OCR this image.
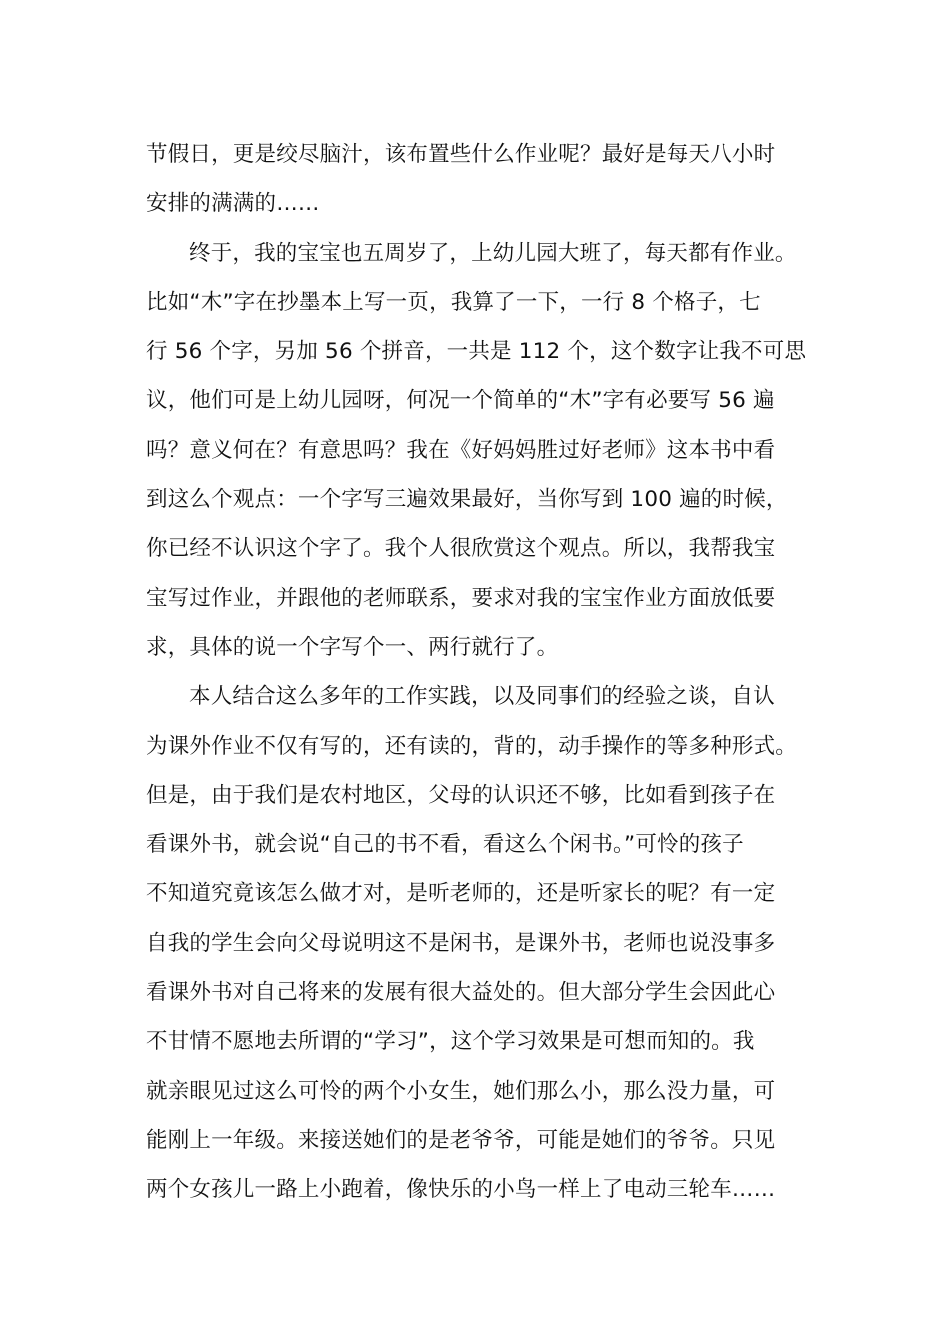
节假日，更是绞尽脑汁，该布置些什么作业呢？最好是每天八小时
安排的满满的……

终于，我的宝宝也五周岁了，上幼儿园大班了，每天都有作业。
比如“木”字在抄墨本上写一页，我算了一下，一行 8 个格子，七
行 56 个字，另加 56 个拼音，一共是 112 个，这个数字让我不可思
议，他们可是上幼儿园呀，何况一个简单的“木”字有必要写 56 遍
吗？意义何在？有意思吗？我在《好妈妈胜过好老师》这本书中看
到这么个观点：一个字写三遍效果最好，当你写到 100 遍的时候，
你已经不认识这个字了。我个人很欣赏这个观点。所以，我帮我宝
宝写过作业，并跟他的老师联系，要求对我的宝宝作业方面放低要
求，具体的说一个字写个一、两行就行了。

本人结合这么多年的工作实践，以及同事们的经验之谈，自认
为课外作业不仅有写的，还有读的，背的，动手操作的等多种形式。
但是，由于我们是农村地区，父母的认识还不够，比如看到孩子在
看课外书，就会说“自己的书不看，看这么个闲书。”可怜的孩子
不知道究竟该怎么做才对，是听老师的，还是听家长的呢？有一定
自我的学生会向父母说明这不是闲书，是课外书，老师也说没事多
看课外书对自己将来的发展有很大益处的。但大部分学生会因此心
不甘情不愿地去所谓的“学习”，这个学习效果是可想而知的。我
就亲眼见过这么可怜的两个小女生，她们那么小，那么没力量，可
能刚上一年级。来接送她们的是老爷爷，可能是她们的爷爷。只见
两个女孩儿一路上小跑着，像快乐的小鸟一样上了电动三轮车……
